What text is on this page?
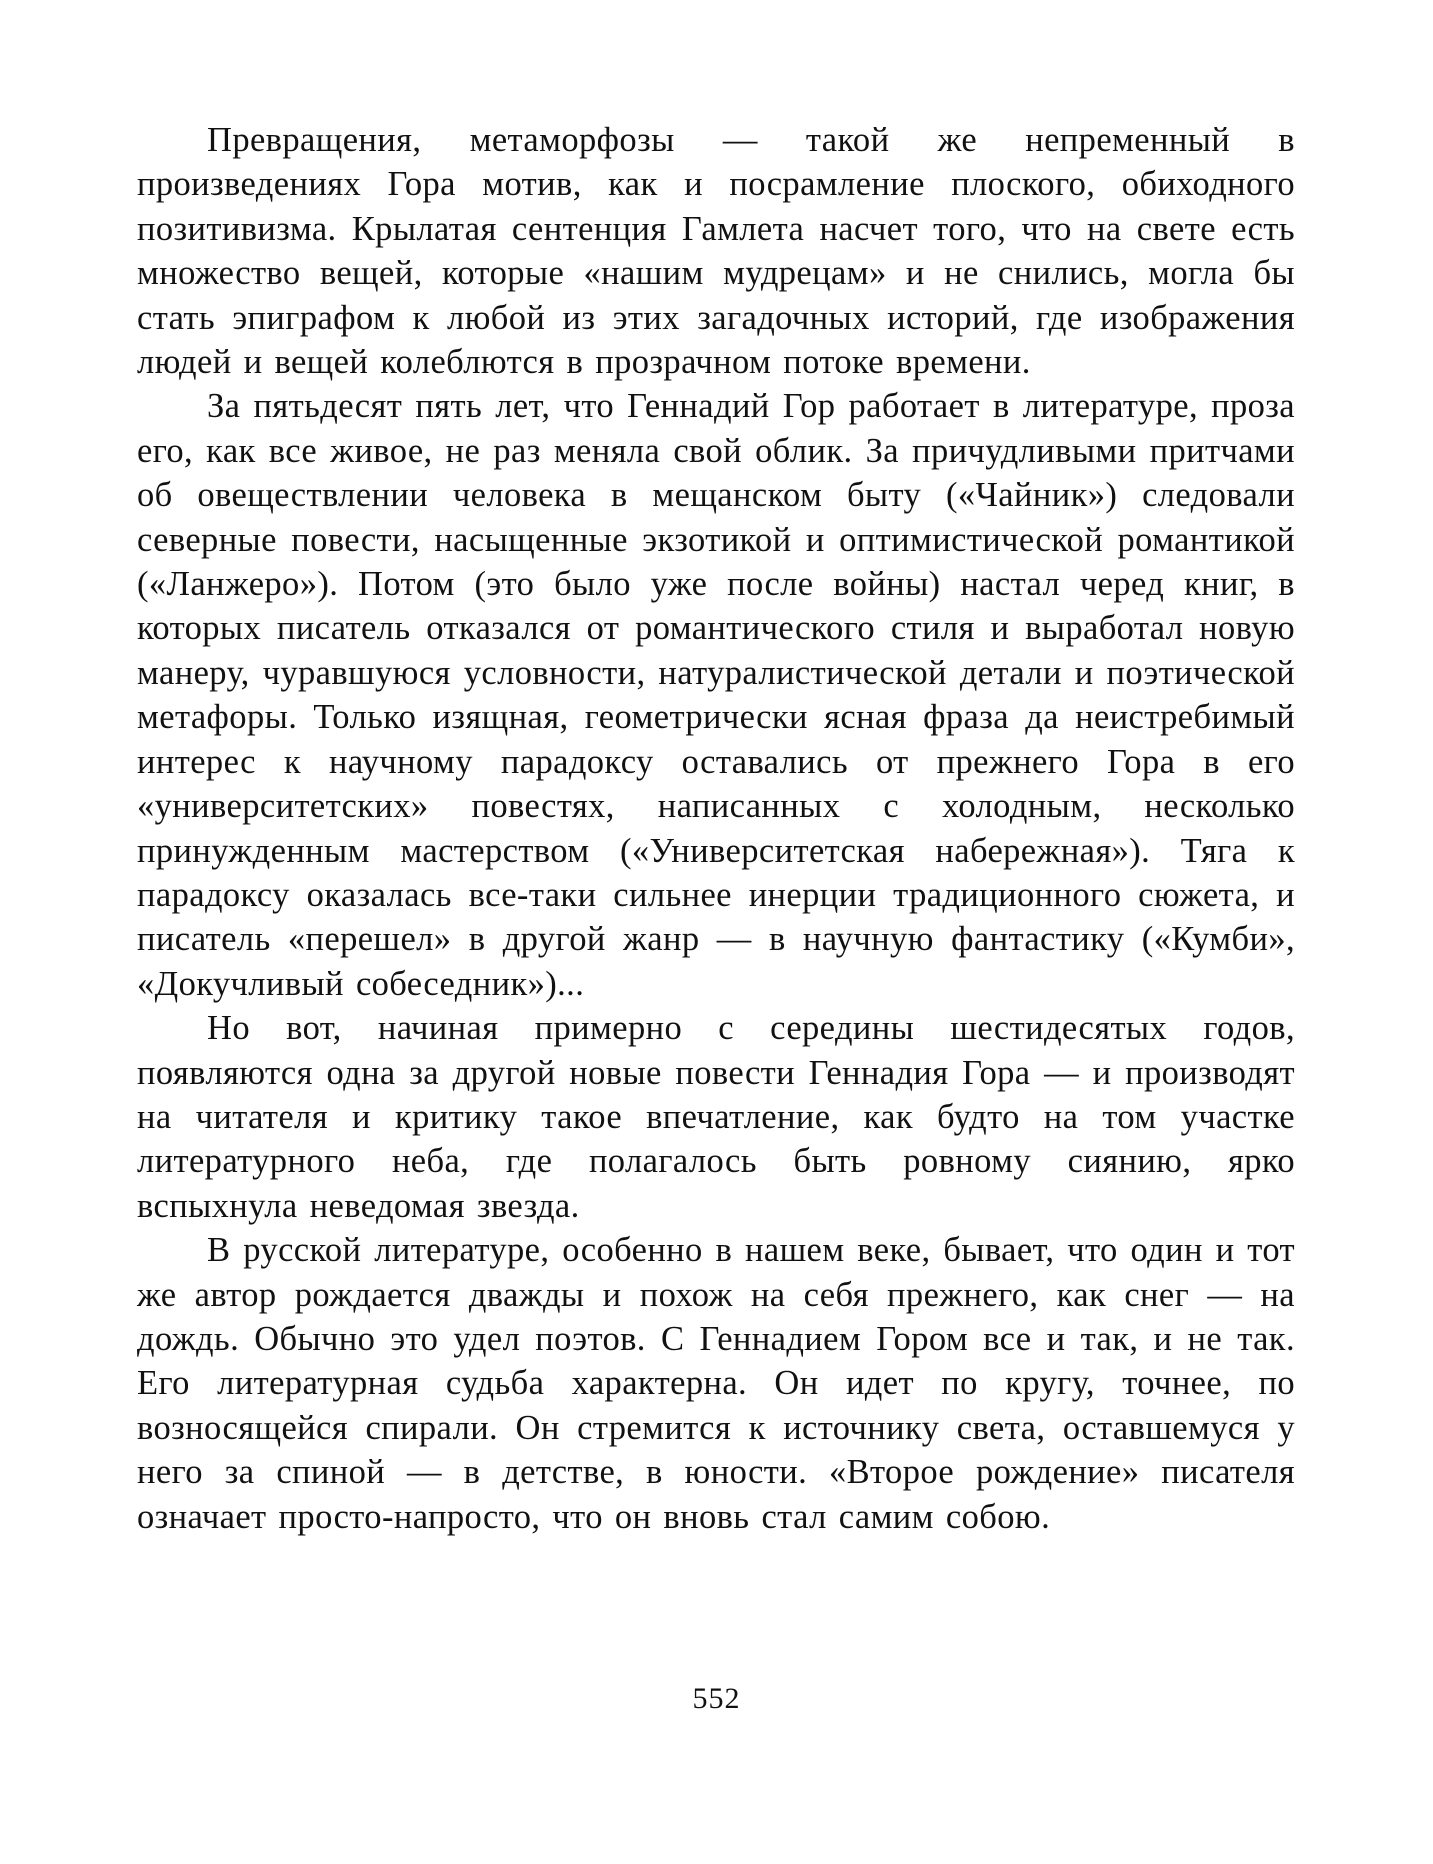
Превращения, метаморфозы — такой же непременный в произведениях Гора мотив, как и посрамление плоского, обиходного позитивизма. Крылатая сентенция Гамлета насчет того, что на свете есть множество вещей, которые «нашим мудрецам» и не снились, могла бы стать эпиграфом к любой из этих загадочных историй, где изображения людей и вещей колеблются в прозрачном потоке времени.

За пятьдесят пять лет, что Геннадий Гор работает в литературе, проза его, как все живое, не раз меняла свой облик. За причудливыми притчами об овеществлении человека в мещанском быту («Чайник») следовали северные повести, насыщенные экзотикой и оптимистической романтикой («Ланжеро»). Потом (это было уже после войны) настал черед книг, в которых писатель отказался от романтического стиля и выработал новую манеру, чуравшуюся условности, натуралистической детали и поэтической метафоры. Только изящная, геометрически ясная фраза да неистребимый интерес к научному парадоксу оставались от прежнего Гора в его «университетских» повестях, написанных с холодным, несколько принужденным мастерством («Университетская набережная»). Тяга к парадоксу оказалась все-таки сильнее инерции традиционного сюжета, и писатель «перешел» в другой жанр — в научную фантастику («Кумби», «Докучливый собеседник»)...

Но вот, начиная примерно с середины шестидесятых годов, появляются одна за другой новые повести Геннадия Гора — и производят на читателя и критику такое впечатление, как будто на том участке литературного неба, где полагалось быть ровному сиянию, ярко вспыхнула неведомая звезда.

В русской литературе, особенно в нашем веке, бывает, что один и тот же автор рождается дважды и похож на себя прежнего, как снег — на дождь. Обычно это удел поэтов. С Геннадием Гором все и так, и не так. Его литературная судьба характерна. Он идет по кругу, точнее, по возносящейся спирали. Он стремится к источнику света, оставшемуся у него за спиной — в детстве, в юности. «Второе рождение» писателя означает просто-напросто, что он вновь стал самим собою.

552
